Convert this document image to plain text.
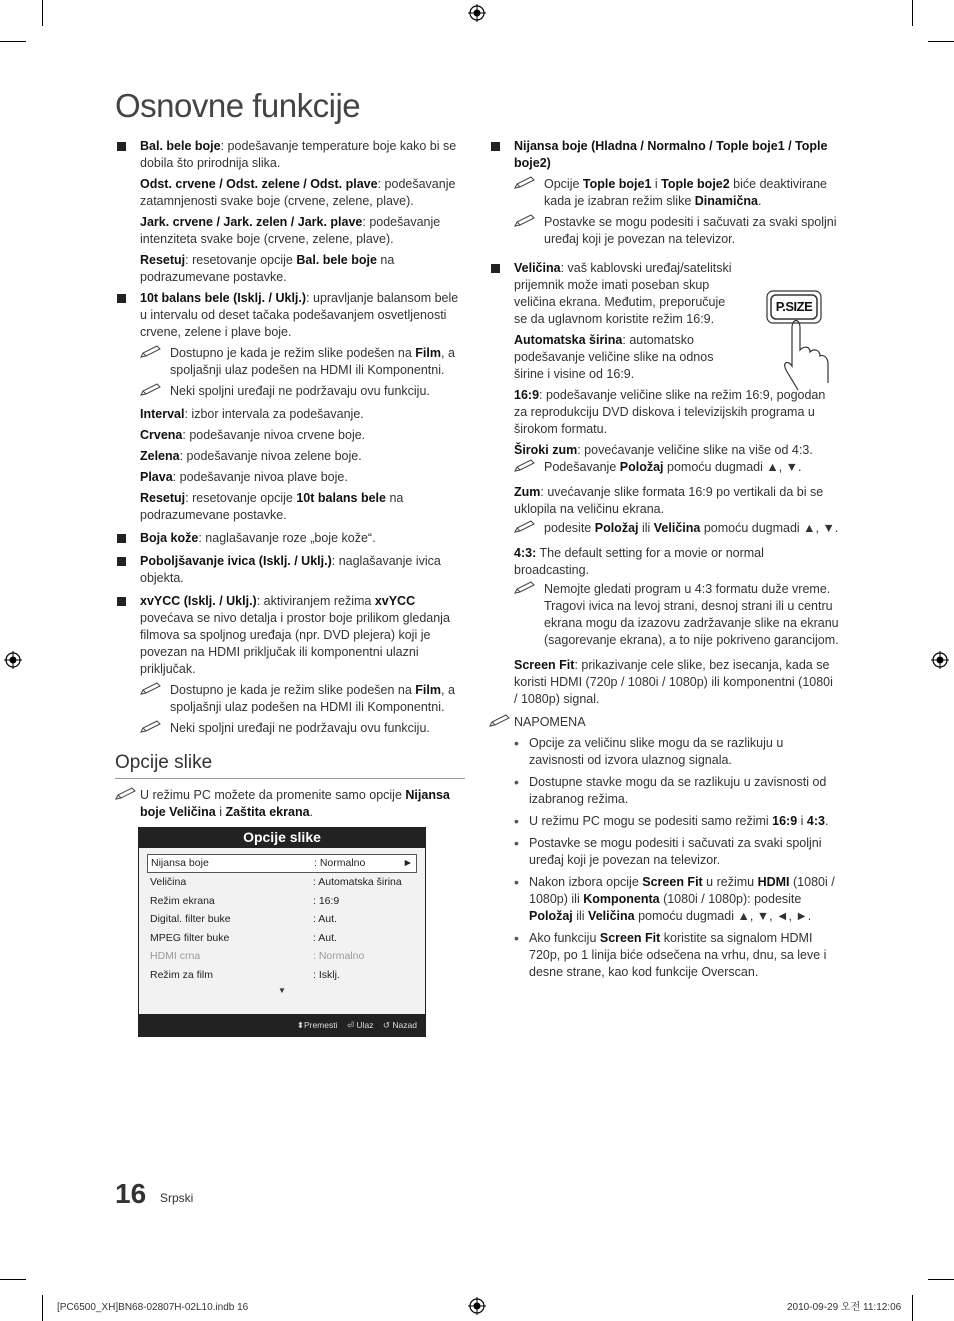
Osnovne funkcije
Bal. bele boje: podešavanje temperature boje kako bi se dobila što prirodnija slika.
Odst. crvene / Odst. zelene / Odst. plave: podešavanje zatamnjenosti svake boje (crvene, zelene, plave).
Jark. crvene / Jark. zelen / Jark. plave: podešavanje intenziteta svake boje (crvene, zelene, plave).
Resetuj: resetovanje opcije Bal. bele boje na podrazumevane postavke.
10t balans bele (Isklj. / Uklj.): upravljanje balansom bele u intervalu od deset tačaka podešavanjem osvetljenosti crvene, zelene i plave boje.
Dostupno je kada je režim slike podešen na Film, a spoljašnji ulaz podešen na HDMI ili Komponentni.
Neki spoljni uređaji ne podržavaju ovu funkciju.
Interval: izbor intervala za podešavanje.
Crvena: podešavanje nivoa crvene boje.
Zelena: podešavanje nivoa zelene boje.
Plava: podešavanje nivoa plave boje.
Resetuj: resetovanje opcije 10t balans bele na podrazumevane postavke.
Boja kože: naglašavanje roze „boje kože“.
Poboljšavanje ivica (Isklj. / Uklj.): naglašavanje ivica objekta.
xvYCC (Isklj. / Uklj.): aktiviranjem režima xvYCC povećava se nivo detalja i prostor boje prilikom gledanja filmova sa spoljnog uređaja (npr. DVD plejera) koji je povezan na HDMI priključak ili komponentni ulazni priključak.
Dostupno je kada je režim slike podešen na Film, a spoljašnji ulaz podešen na HDMI ili Komponentni.
Neki spoljni uređaji ne podržavaju ovu funkciju.
Opcije slike
U režimu PC možete da promenite samo opcije Nijansa boje Veličina i Zaštita ekrana.
Opcije slike
Nijansa boje	: Normalno	►
Veličina	: Automatska širina
Režim ekrana	: 16:9
Digital. filter buke	: Aut.
MPEG filter buke	: Aut.
HDMI crna	: Normalno
Režim za film	: Isklj.
▼
⬍Premesti ⏎ Ulaz ↺ Nazad
Nijansa boje (Hladna / Normalno / Tople boje1 / Tople boje2)
Opcije Tople boje1 i Tople boje2 biće deaktivirane kada je izabran režim slike Dinamična.
Postavke se mogu podesiti i sačuvati za svaki spoljni uređaj koji je povezan na televizor.
Veličina: vaš kablovski uređaj/satelitski prijemnik može imati poseban skup veličina ekrana. Međutim, preporučuje se da uglavnom koristite režim 16:9.
P.SIZE
Automatska širina: automatsko podešavanje veličine slike na odnos širine i visine od 16:9.
16:9: podešavanje veličine slike na režim 16:9, pogodan za reprodukciju DVD diskova i televizijskih programa u širokom formatu.
Široki zum: povećavanje veličine slike na više od 4:3.
Podešavanje Položaj pomoću dugmadi ▲, ▼.
Zum: uvećavanje slike formata 16:9 po vertikali da bi se uklopila na veličinu ekrana.
podesite Položaj ili Veličina pomoću dugmadi ▲, ▼.
4:3: The default setting for a movie or normal broadcasting.
Nemojte gledati program u 4:3 formatu duže vreme. Tragovi ivica na levoj strani, desnoj strani ili u centru ekrana mogu da izazovu zadržavanje slike na ekranu (sagorevanje ekrana), a to nije pokriveno garancijom.
Screen Fit: prikazivanje cele slike, bez isecanja, kada se koristi HDMI (720p / 1080i / 1080p) ili komponentni (1080i / 1080p) signal.
NAPOMENA
• Opcije za veličinu slike mogu da se razlikuju u zavisnosti od izvora ulaznog signala.
• Dostupne stavke mogu da se razlikuju u zavisnosti od izabranog režima.
• U režimu PC mogu se podesiti samo režimi 16:9 i 4:3.
• Postavke se mogu podesiti i sačuvati za svaki spoljni uređaj koji je povezan na televizor.
• Nakon izbora opcije Screen Fit u režimu HDMI (1080i / 1080p) ili Komponenta (1080i / 1080p): podesite Položaj ili Veličina pomoću dugmadi ▲, ▼, ◄, ►.
• Ako funkciju Screen Fit koristite sa signalom HDMI 720p, po 1 linija biće odsečena na vrhu, dnu, sa leve i desne strane, kao kod funkcije Overscan.
16 Srpski
[PC6500_XH]BN68-02807H-02L10.indb 16	2010-09-29 오전 11:12:06
